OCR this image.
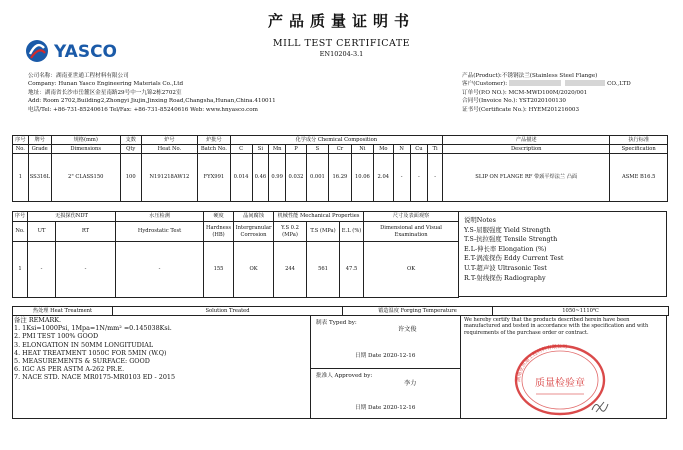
产品质量证明书
MILL TEST CERTIFICATE
EN10204-3.1
YASCO
公司名称：湖南亚世通工程材料有限公司
Company: Hunan Yasco Engineering Materials Co.,Ltd
地址：湖南省长沙市岳麓区金星南路29号中一九锦2栋2702室
Add: Room 2702,Building2,Zhongyi Jiujin,Jinxing Road,Changsha,Hunan,China.410011
电话/Tel: +86-731-85240616 Tel/Fax: +86-731-85240616 Web: www.hnyasco.com
产品(Product): 不锈钢法兰(Stainless Steel Flange)
客户(Customer):	CO.,LTD
订单号(P.O NO.): MCM-MWD100M/2020/001
合同号(Invoice No.): YST2020100130
证书号(Certificate No.): HYEM201216003
序号	牌号	规格(mm)	支数	炉号	炉批号	化学成分 Chemical Composition											产品描述	执行标准
No.	Grade	Dimensions	Qty	Heat No.	Batch No.	C	Si	Mn	P	S	Cr	Ni	Mo	N	Cu	Ti	Description	Specification
1	SS316L	2" CLASS150	100	N191218AW12	FYX991	0.014	0.46	0.99	0.032	0.001	16.29	10.06	2.04	-	-	-	SLIP ON FLANGE RF 带颈平焊法兰 凸面	ASME B16.5
序号	无损探伤NDT		水压检测	硬度	晶间腐蚀	机械性能 Mechanical Properties			尺寸及表面观察
No.	UT	RT	Hydrostatic Test	Hardness (HB)	Intergranular Corrosion	Y.S 0.2 (MPa)	T.S (MPa)	E.L (%)	Dimensional and Visual Examination
1	-	-	-	155	OK	244	561	47.5	OK
说明Notes
Y.S-屈服强度 Yield Strength
T.S-抗拉强度 Tensile Strength
E.L-伸长率 Elongation (%)
E.T-涡流探伤 Eddy Current Test
U.T-超声波 Ultrasonic Test
R.T-射线探伤 Radiography
热处理 Heat Treatment	Solution Treated	锻造温度 Forging Temperature	1050~1110℃
备注 REMARK.
1. 1Ksi=1000Psi, 1Mpa=1N/mm² =0.145038Ksi.
2. PMI TEST 100% GOOD
3. ELONGATION IN 50MM LONGITUDIAL
4. HEAT TREATMENT 1050C FOR 5MIN (W.Q)
5. MEASUREMENTS & SURFACE: GOOD
6. IGC AS PER ASTM A-262 PR.E.
7. NACE STD. NACE MR0175-MR0103 ED - 2015
制表 Typed by:
许文俊
日期 Date 2020-12-16
批准人 Approved by:
李力
日期 Date 2020-12-16
We hereby certify that the products described herein have been manufactured and tested in accordance with the specification and with requirements of the purchase order or contract.
湖南亚世通工程材料有限公司
质量检验章
